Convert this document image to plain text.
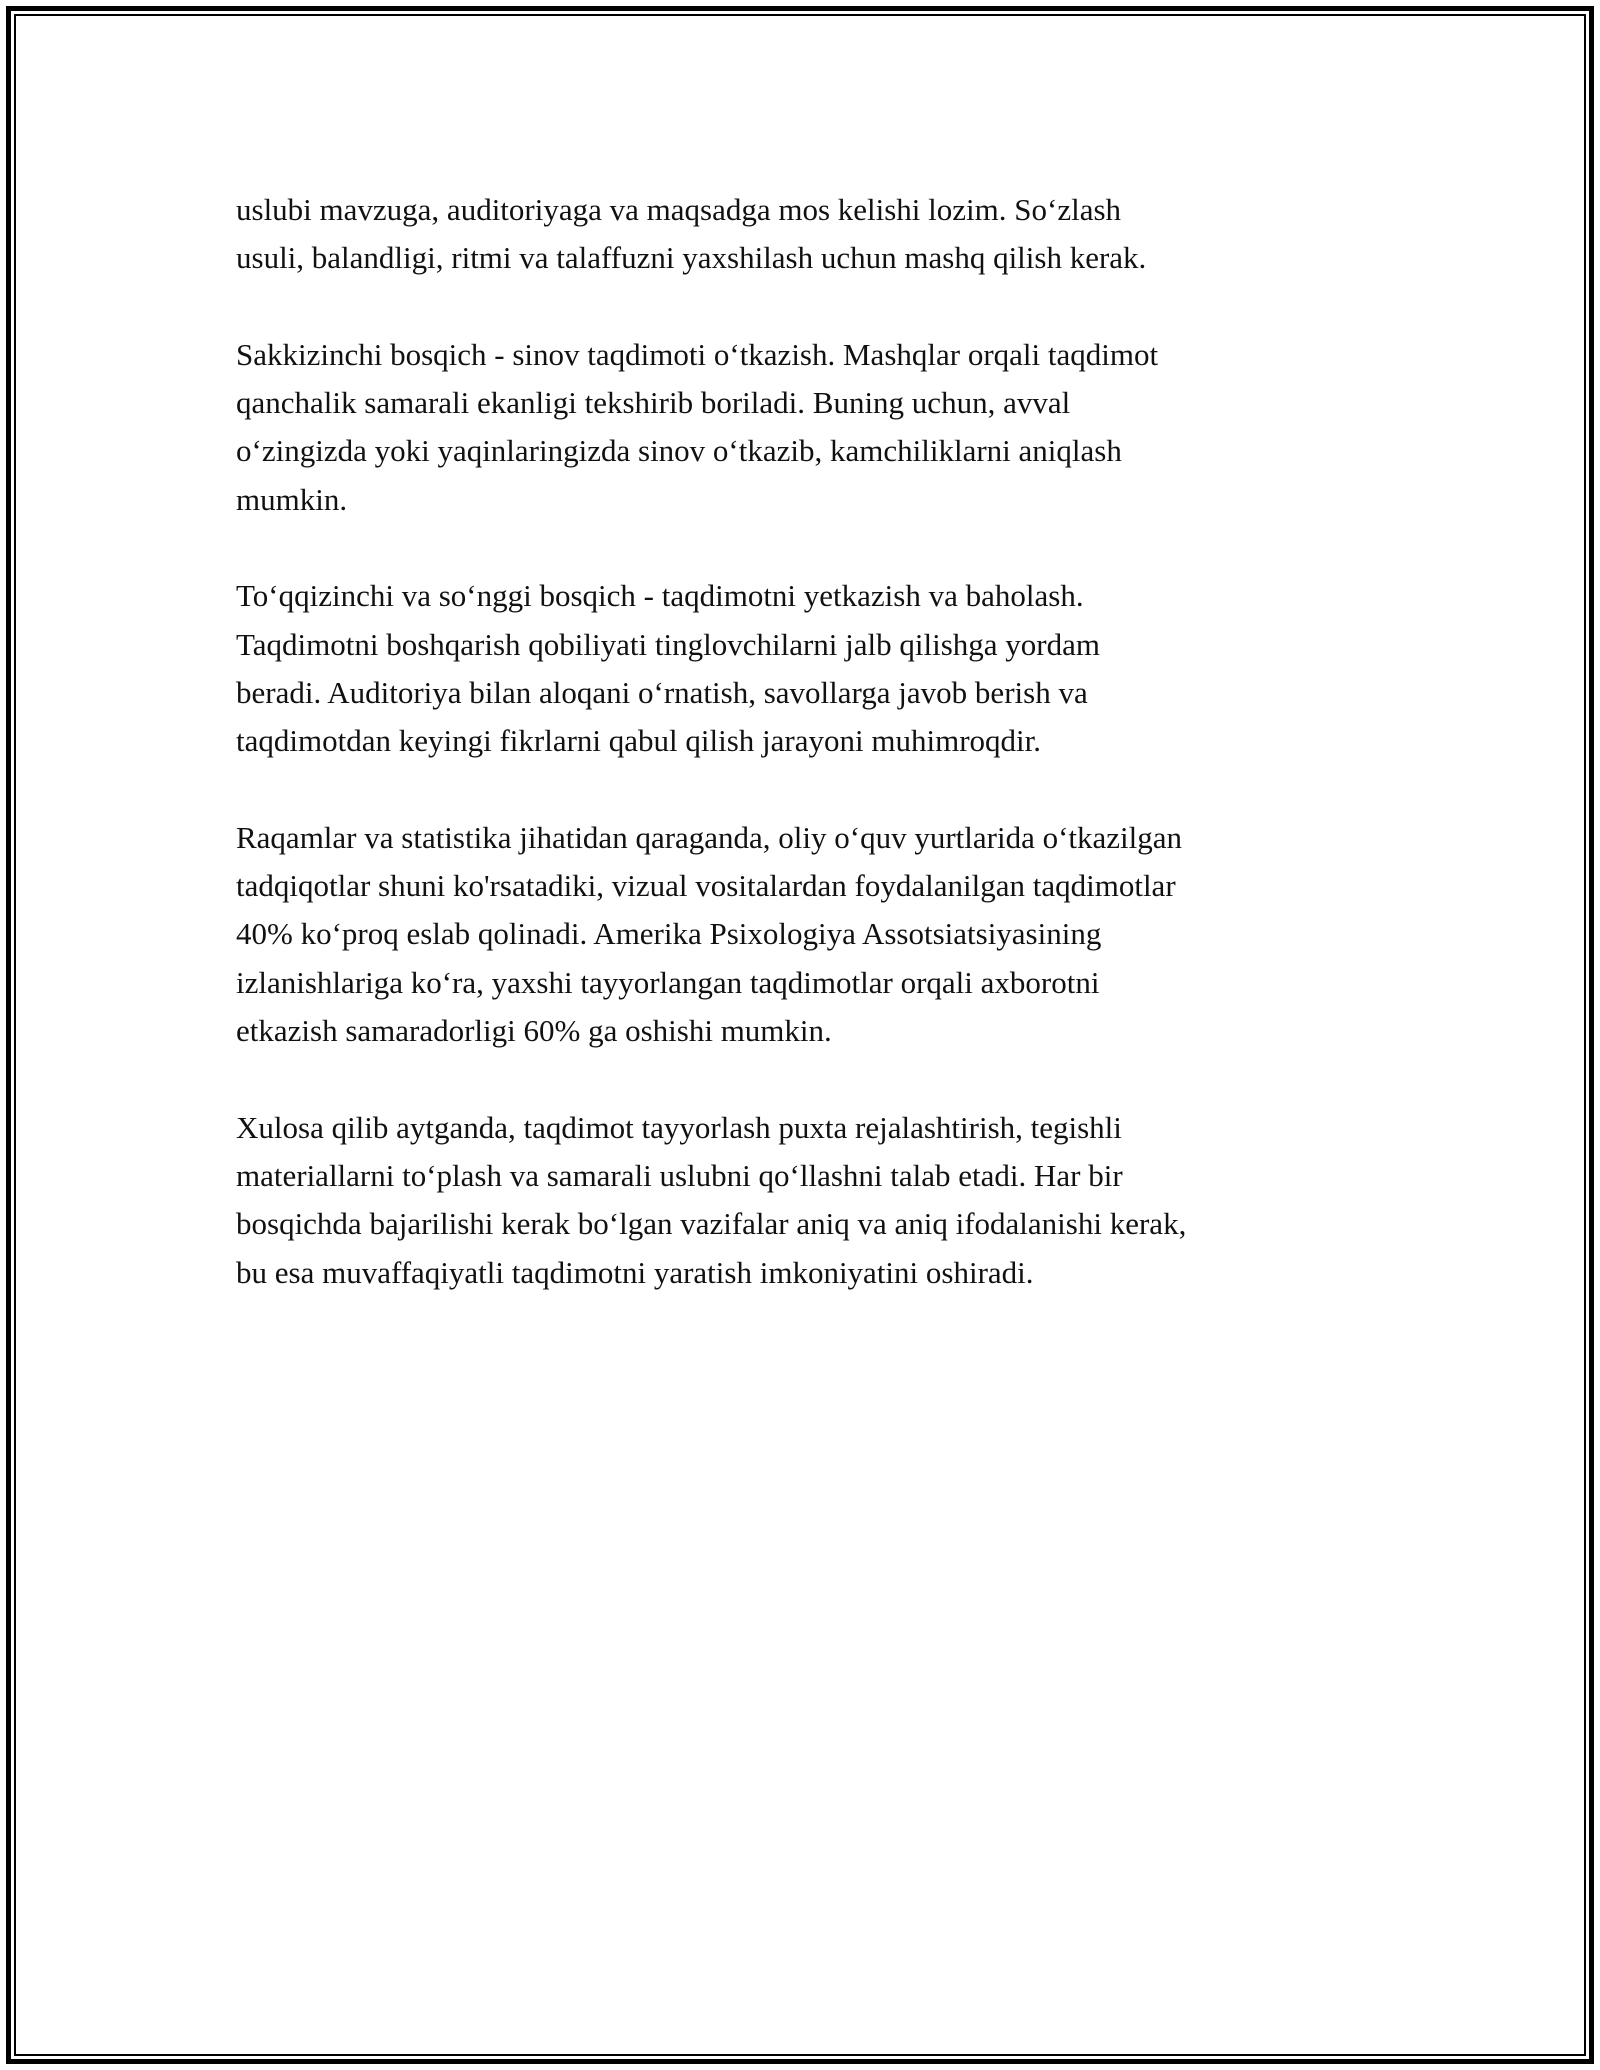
uslubi mavzuga, auditoriyaga va maqsadga mos kelishi lozim. So‘zlash
usuli, balandligi, ritmi va talaffuzni yaxshilash uchun mashq qilish kerak.

Sakkizinchi bosqich - sinov taqdimoti o‘tkazish. Mashqlar orqali taqdimot
qanchalik samarali ekanligi tekshirib boriladi. Buning uchun, avval
o‘zingizda yoki yaqinlaringizda sinov o‘tkazib, kamchiliklarni aniqlash
mumkin.

To‘qqizinchi va so‘nggi bosqich - taqdimotni yetkazish va baholash.
Taqdimotni boshqarish qobiliyati tinglovchilarni jalb qilishga yordam
beradi. Auditoriya bilan aloqani o‘rnatish, savollarga javob berish va
taqdimotdan keyingi fikrlarni qabul qilish jarayoni muhimroqdir.

Raqamlar va statistika jihatidan qaraganda, oliy o‘quv yurtlarida o‘tkazilgan
tadqiqotlar shuni ko'rsatadiki, vizual vositalardan foydalanilgan taqdimotlar
40% ko‘proq eslab qolinadi. Amerika Psixologiya Assotsiatsiyasining
izlanishlariga ko‘ra, yaxshi tayyorlangan taqdimotlar orqali axborotni
etkazish samaradorligi 60% ga oshishi mumkin.

Xulosa qilib aytganda, taqdimot tayyorlash puxta rejalashtirish, tegishli
materiallarni to‘plash va samarali uslubni qo‘llashni talab etadi. Har bir
bosqichda bajarilishi kerak bo‘lgan vazifalar aniq va aniq ifodalanishi kerak,
bu esa muvaffaqiyatli taqdimotni yaratish imkoniyatini oshiradi.
